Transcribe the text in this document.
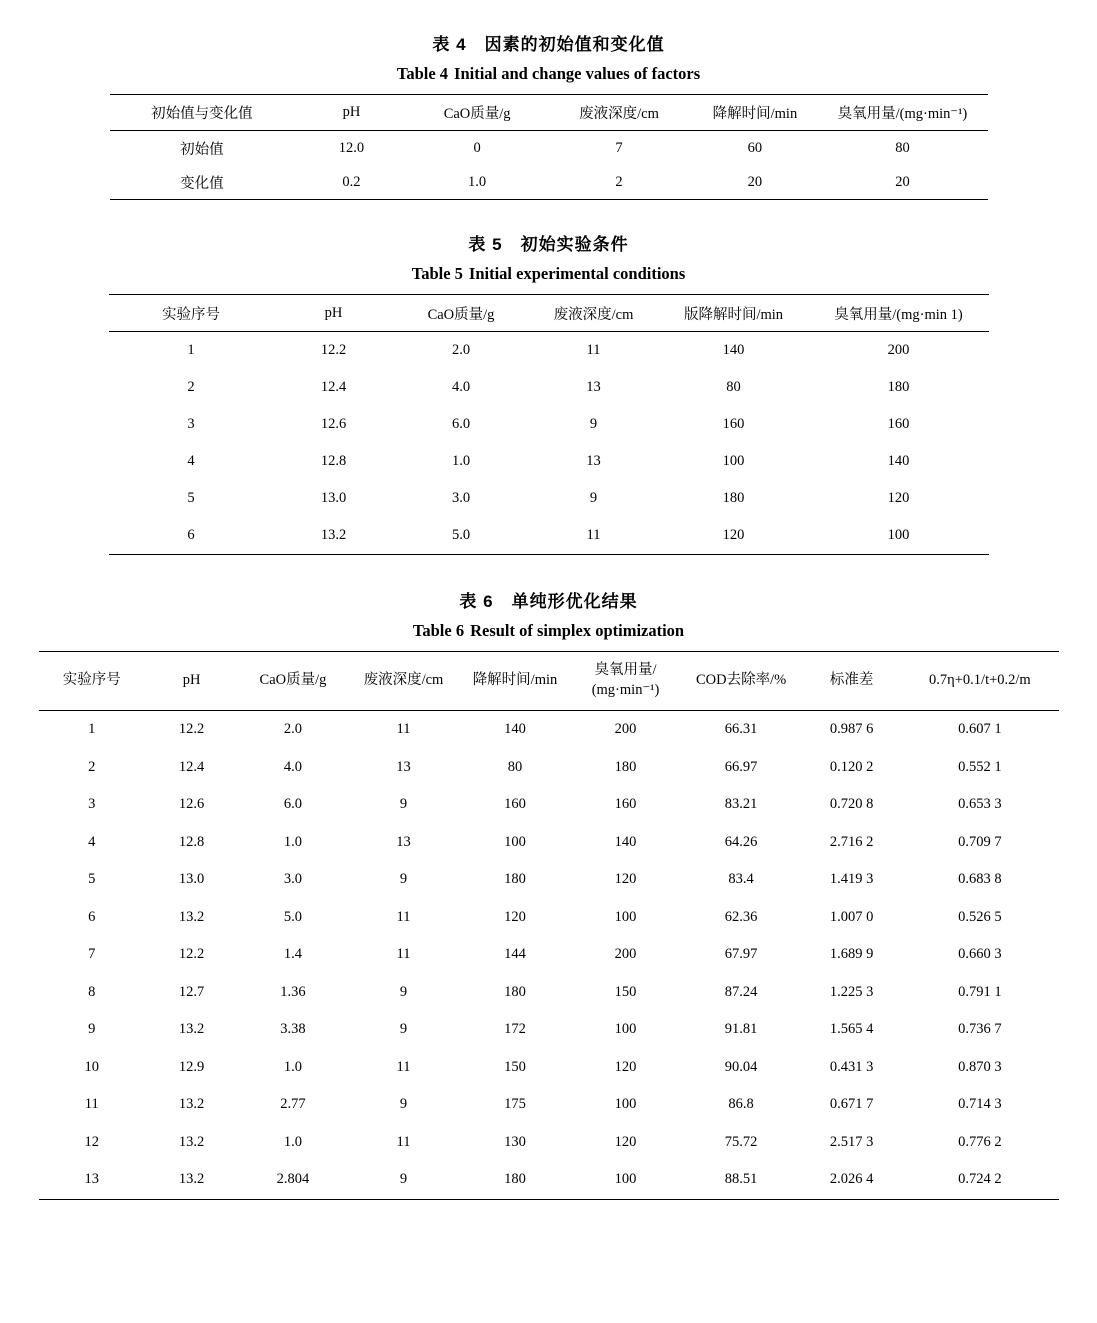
表 4　因素的初始值和变化值
Table 4 Initial and change values of factors
初始值与变化值	pH	CaO质量/g	废液深度/cm	降解时间/min	臭氧用量/(mg·min⁻¹)
初始值	12.0	0	7	60	80
变化值	0.2	1.0	2	20	20
表 5　初始实验条件
Table 5 Initial experimental conditions
实验序号	pH	CaO质量/g	废液深度/cm	版降解时间/min	臭氧用量/(mg·min 1)
1	12.2	2.0	11	140	200
2	12.4	4.0	13	80	180
3	12.6	6.0	9	160	160
4	12.8	1.0	13	100	140
5	13.0	3.0	9	180	120
6	13.2	5.0	11	120	100
表 6　单纯形优化结果
Table 6 Result of simplex optimization
实验序号	pH	CaO质量/g	废液深度/cm	降解时间/min	臭氧用量/
(mg·min⁻¹)	COD去除率/%	标准差	0.7η+0.1/t+0.2/m
1	12.2	2.0	11	140	200	66.31	0.987 6	0.607 1
2	12.4	4.0	13	80	180	66.97	0.120 2	0.552 1
3	12.6	6.0	9	160	160	83.21	0.720 8	0.653 3
4	12.8	1.0	13	100	140	64.26	2.716 2	0.709 7
5	13.0	3.0	9	180	120	83.4	1.419 3	0.683 8
6	13.2	5.0	11	120	100	62.36	1.007 0	0.526 5
7	12.2	1.4	11	144	200	67.97	1.689 9	0.660 3
8	12.7	1.36	9	180	150	87.24	1.225 3	0.791 1
9	13.2	3.38	9	172	100	91.81	1.565 4	0.736 7
10	12.9	1.0	11	150	120	90.04	0.431 3	0.870 3
11	13.2	2.77	9	175	100	86.8	0.671 7	0.714 3
12	13.2	1.0	11	130	120	75.72	2.517 3	0.776 2
13	13.2	2.804	9	180	100	88.51	2.026 4	0.724 2
